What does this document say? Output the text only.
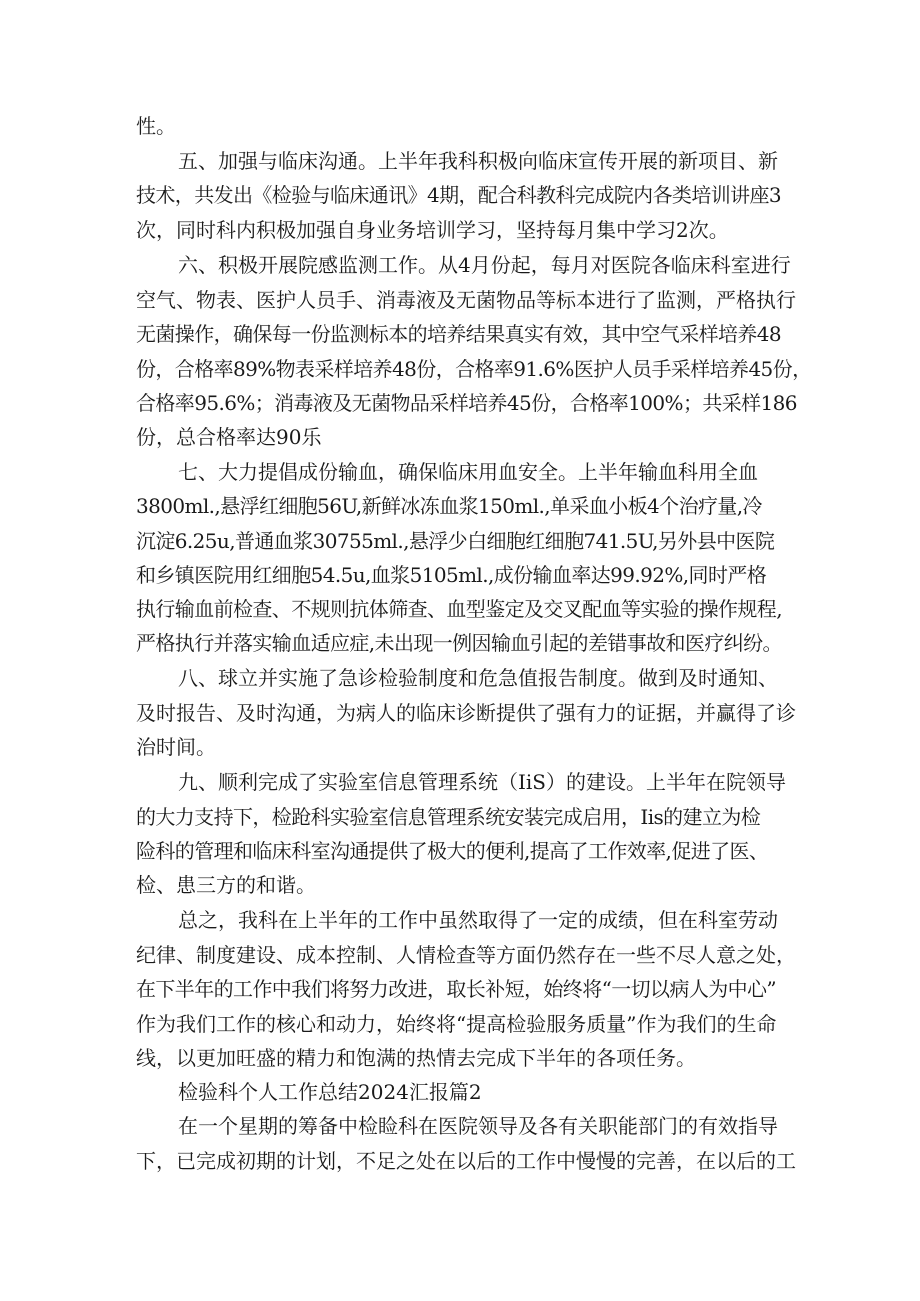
性。
五、加强与临床沟通。上半年我科积极向临床宣传开展的新项目、新
技术，共发出《检验与临床通讯》4期，配合科教科完成院内各类培训讲座3
次，同时科内积极加强自身业务培训学习，坚持每月集中学习2次。
六、积极开展院感监测工作。从4月份起，每月对医院各临床科室进行
空气、物表、医护人员手、消毒液及无菌物品等标本进行了监测，严格执行
无菌操作，确保每一份监测标本的培养结果真实有效，其中空气采样培养48
份，合格率89%物表采样培养48份，合格率91.6%医护人员手采样培养45份，
合格率95.6%；消毒液及无菌物品采样培养45份，合格率100%；共采样186
份，总合格率达90乐
七、大力提倡成份输血，确保临床用血安全。上半年输血科用全血
3800ml.,悬浮红细胞56U,新鲜冰冻血浆150ml.,单采血小板4个治疗量,冷
沉淀6.25u,普通血浆30755ml.,悬浮少白细胞红细胞741.5U,另外县中医院
和乡镇医院用红细胞54.5u,血浆5105ml.,成份输血率达99.92%,同时严格
执行输血前检查、不规则抗体筛查、血型鉴定及交叉配血等实验的操作规程,
严格执行并落实输血适应症,未出现一例因输血引起的差错事故和医疗纠纷。
八、球立并实施了急诊检验制度和危急值报告制度。做到及时通知、
及时报告、及时沟通，为病人的临床诊断提供了强有力的证据，并赢得了诊
治时间。
九、顺利完成了实验室信息管理系统（IiS）的建设。上半年在院领导
的大力支持下，检跄科实验室信息管理系统安装完成启用，Iis的建立为检
险科的管理和临床科室沟通提供了极大的便利,提高了工作效率,促进了医、
检、患三方的和谐。
总之，我科在上半年的工作中虽然取得了一定的成绩，但在科室劳动
纪律、制度建设、成本控制、人情检查等方面仍然存在一些不尽人意之处，
在下半年的工作中我们将努力改进，取长补短，始终将“一切以病人为中心”
作为我们工作的核心和动力，始终将“提高检验服务质量”作为我们的生命
线，以更加旺盛的精力和饱满的热情去完成下半年的各项任务。
检验科个人工作总结2024汇报篇2
在一个星期的筹备中检睑科在医院领导及各有关职能部门的有效指导
下，已完成初期的计划，不足之处在以后的工作中慢慢的完善，在以后的工
